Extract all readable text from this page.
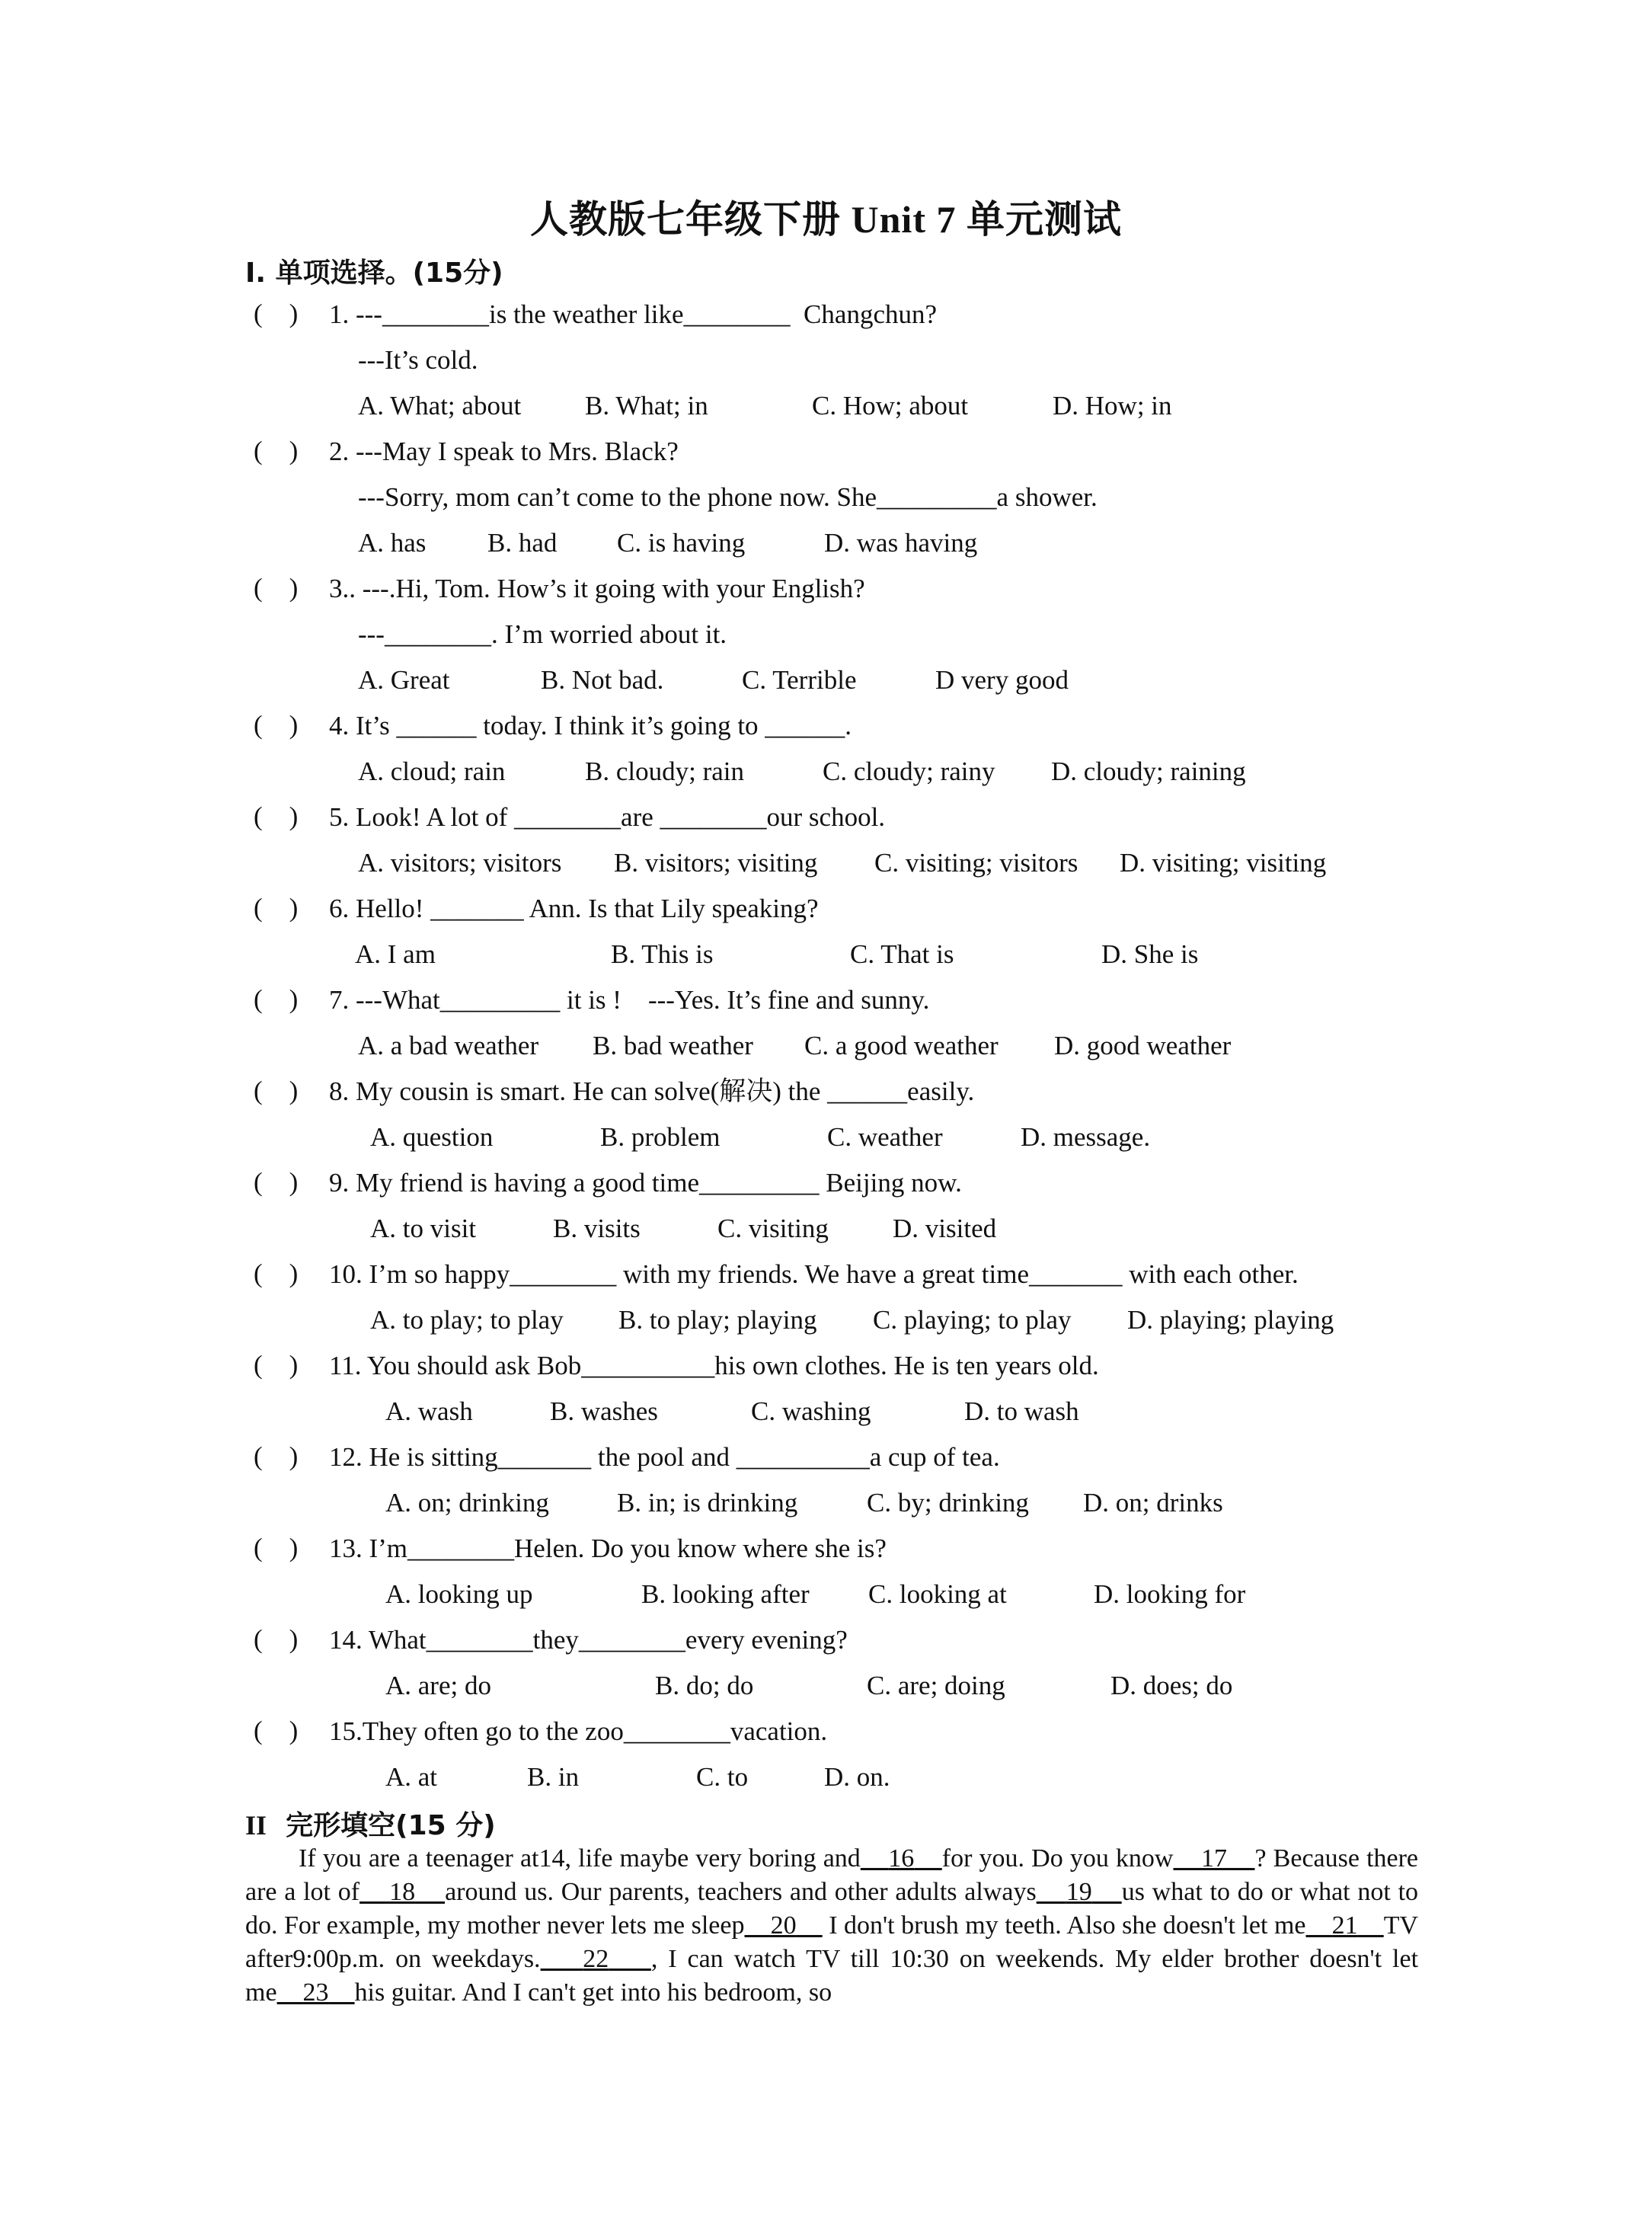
人教版七年级下册 Unit 7 单元测试
I. 单项选择。(15分)
(    ) 1. ---________is the weather like________  Changchun?
---It’s cold.
A. What; about B. What; in	C. How; about	D. How; in
(    ) 2. ---May I speak to Mrs. Black?
---Sorry, mom can’t come to the phone now. She_________a shower.
A. has B. had C. is having	D. was having
(    ) 3.. ---.Hi, Tom. How’s it going with your English?
---________. I’m worried about it.
A. Great	B. Not bad.	C. Terrible	D very good
(    ) 4. It’s ______ today. I think it’s going to ______.
A. cloud; rain	B. cloudy; rain	C. cloudy; rainy D. cloudy; raining
(    ) 5. Look! A lot of ________are ________our school.
A. visitors; visitors B. visitors; visiting C. visiting; visitors D. visiting; visiting
(    ) 6. Hello! _______ Ann. Is that Lily speaking?
A. I am	B. This is	C. That is	D. She is
(    ) 7. ---What_________ it is !    ---Yes. It’s fine and sunny.
A. a bad weather B. bad weather C. a good weather D. good weather
(    ) 8. My cousin is smart. He can solve(解决) the ______easily.
A. question	B. problem	C. weather	D. message.
(    ) 9. My friend is having a good time_________ Beijing now.
A. to visit	B. visits	C. visiting D. visited
(    ) 10. I’m so happy________ with my friends. We have a great time_______ with each other.
A. to play; to play B. to play; playing C. playing; to play D. playing; playing
(    ) 11. You should ask Bob__________his own clothes. He is ten years old.
A. wash	B. washes	C. washing	D. to wash
(    ) 12. He is sitting_______ the pool and __________a cup of tea.
A. on; drinking	B. in; is drinking	C. by; drinking D. on; drinks
(    ) 13. I’m________Helen. Do you know where she is?
A. looking up	B. looking after C. looking at	D. looking for
(    ) 14. What________they________every evening?
A. are; do	B. do; do	C. are; doing	D. does; do
(    ) 15.They often go to the zoo________vacation.
A. at	B. in	C. to	D. on.
II 完形填空(15 分)
If you are a teenager at14, life maybe very boring and 16 for you. Do you know 17 ? Because there are a lot of 18 around us. Our parents, teachers and other adults always 19 us what to do or what not to do. For example, my mother never lets me sleep 20     I don't brush my teeth. Also she doesn't let me 21 TV after9:00p.m. on weekdays. 22 , I can watch TV till 10:30 on weekends. My elder brother doesn't let me 23 his guitar. And I can't get into his bedroom, so
